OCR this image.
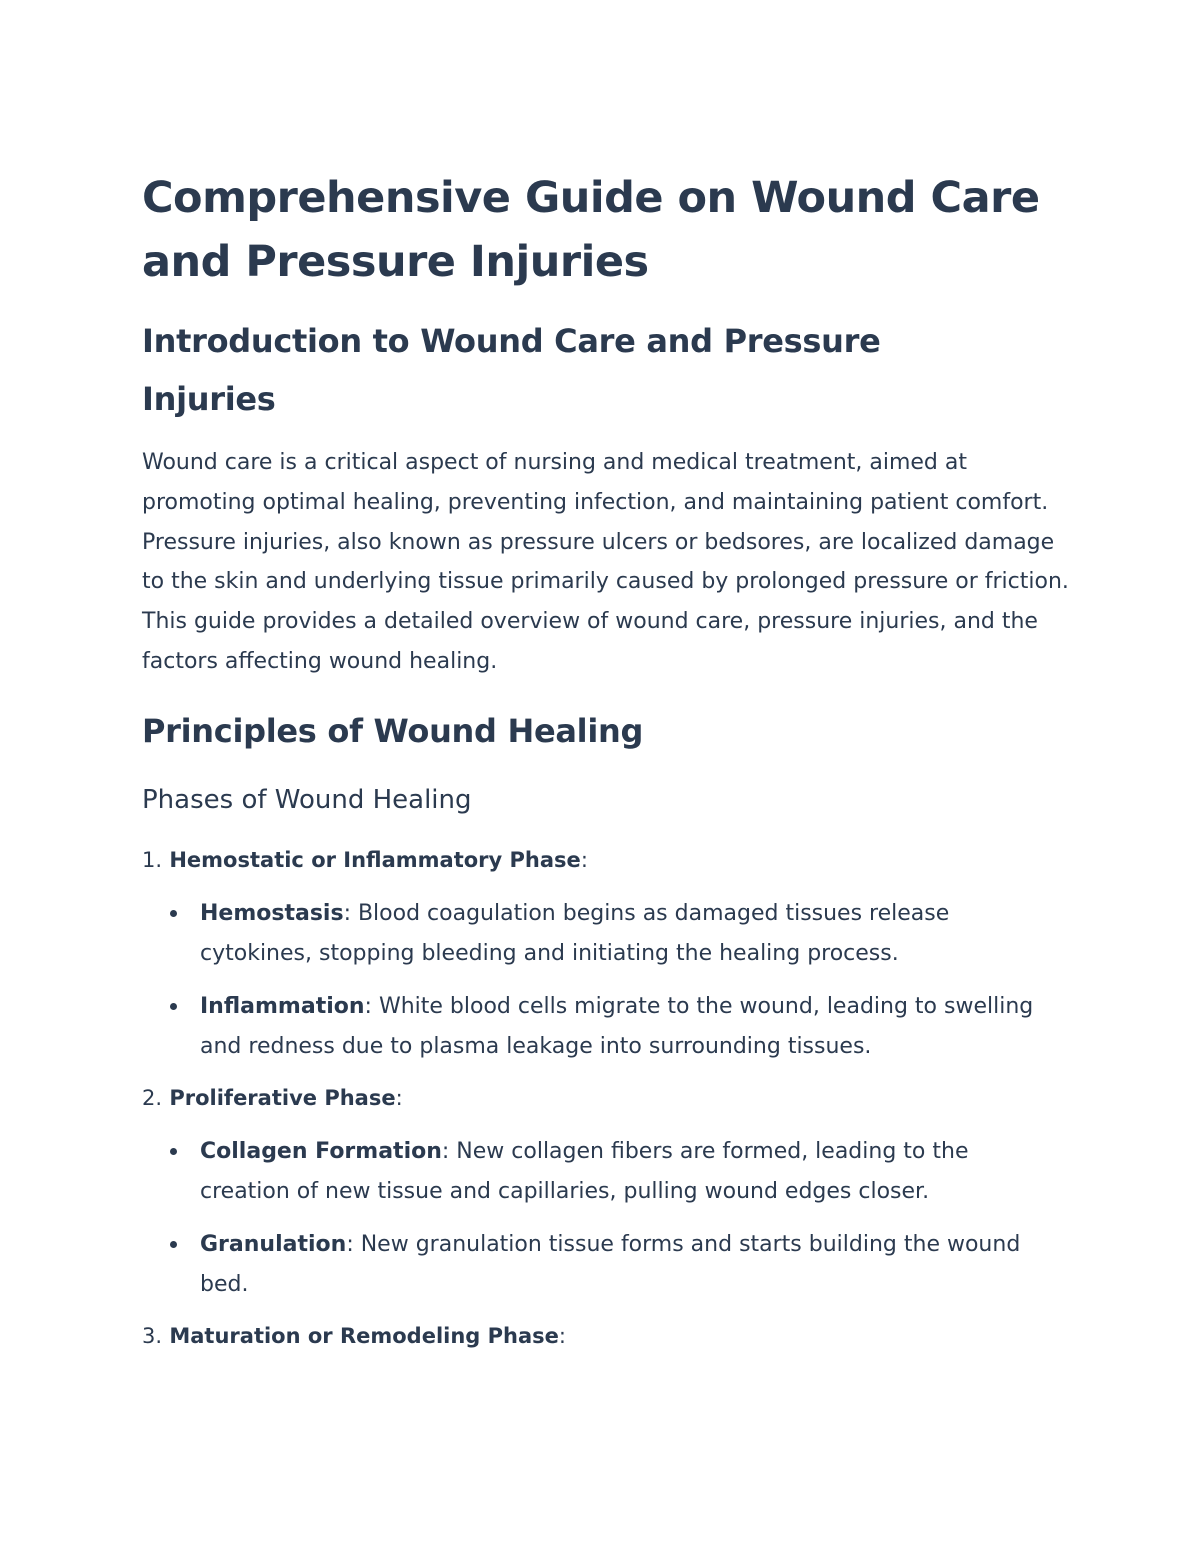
Comprehensive Guide on Wound Care and Pressure Injuries
Introduction to Wound Care and Pressure Injuries

Wound care is a critical aspect of nursing and medical treatment, aimed at promoting optimal healing, preventing infection, and maintaining patient comfort. Pressure injuries, also known as pressure ulcers or bedsores, are localized damage to the skin and underlying tissue primarily caused by prolonged pressure or friction. This guide provides a detailed overview of wound care, pressure injuries, and the factors affecting wound healing.

Principles of Wound Healing
Phases of Wound Healing
1. Hemostatic or Inflammatory Phase:
Hemostasis: Blood coagulation begins as damaged tissues release cytokines, stopping bleeding and initiating the healing process.
Inflammation: White blood cells migrate to the wound, leading to swelling and redness due to plasma leakage into surrounding tissues.
2. Proliferative Phase:
Collagen Formation: New collagen fibers are formed, leading to the creation of new tissue and capillaries, pulling wound edges closer.
Granulation: New granulation tissue forms and starts building the wound bed.
3. Maturation or Remodeling Phase:
